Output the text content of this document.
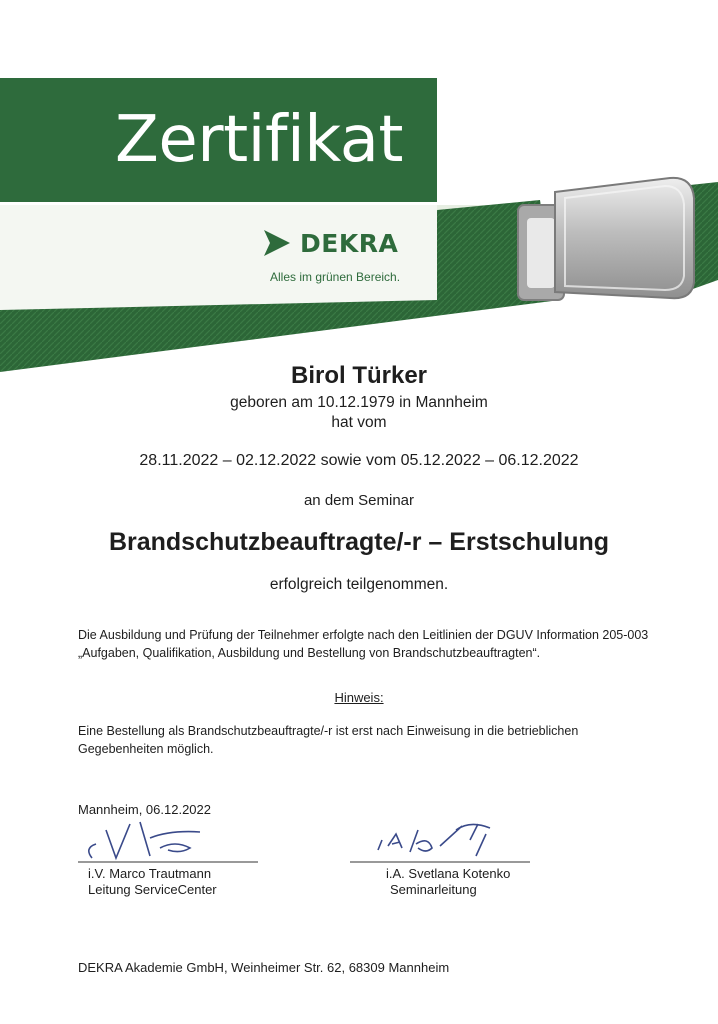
Zertifikat
DEKRA
Alles im grünen Bereich.
Birol Türker
geboren am 10.12.1979 in Mannheim
hat vom
28.11.2022 – 02.12.2022 sowie vom 05.12.2022 – 06.12.2022
an dem Seminar
Brandschutzbeauftragte/-r – Erstschulung
erfolgreich teilgenommen.
Die Ausbildung und Prüfung der Teilnehmer erfolgte nach den Leitlinien der DGUV Information 205-003 „Aufgaben, Qualifikation, Ausbildung und Bestellung von Brandschutzbeauftragten“.
Hinweis:
Eine Bestellung als Brandschutzbeauftragte/-r ist erst nach Einweisung in die betrieblichen Gegebenheiten möglich.
Mannheim, 06.12.2022
i.V. Marco Trautmann
Leitung ServiceCenter
i.A. Svetlana Kotenko
Seminarleitung
DEKRA Akademie GmbH, Weinheimer Str. 62, 68309 Mannheim
